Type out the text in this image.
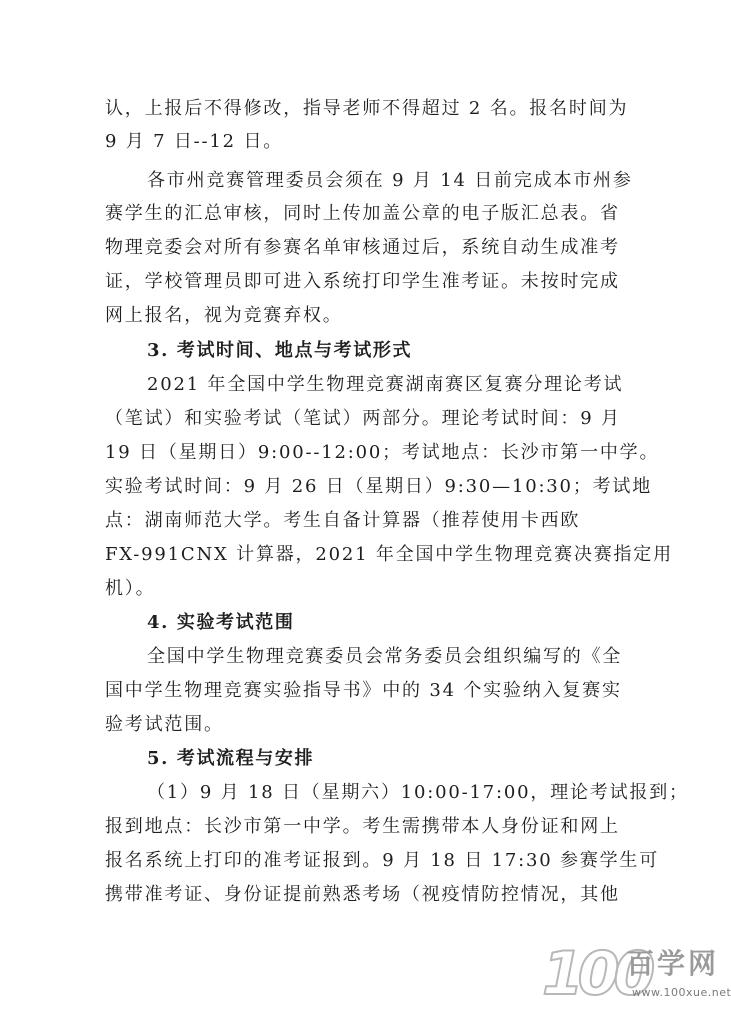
认，上报后不得修改，指导老师不得超过 2 名。报名时间为
9 月 7 日--12 日。
各市州竞赛管理委员会须在 9 月 14 日前完成本市州参
赛学生的汇总审核，同时上传加盖公章的电子版汇总表。省
物理竞委会对所有参赛名单审核通过后，系统自动生成准考
证，学校管理员即可进入系统打印学生准考证。未按时完成
网上报名，视为竞赛弃权。
3. 考试时间、地点与考试形式
2021 年全国中学生物理竞赛湖南赛区复赛分理论考试
（笔试）和实验考试（笔试）两部分。理论考试时间：9 月
19 日（星期日）9:00--12:00；考试地点：长沙市第一中学。
实验考试时间：9 月 26 日（星期日）9:30—10:30；考试地
点：湖南师范大学。考生自备计算器（推荐使用卡西欧
FX-991CNX 计算器，2021 年全国中学生物理竞赛决赛指定用
机）。
4. 实验考试范围
全国中学生物理竞赛委员会常务委员会组织编写的《全
国中学生物理竞赛实验指导书》中的 34 个实验纳入复赛实
验考试范围。
5. 考试流程与安排
（1）9 月 18 日（星期六）10:00-17:00，理论考试报到；
报到地点：长沙市第一中学。考生需携带本人身份证和网上
报名系统上打印的准考证报到。9 月 18 日 17:30 参赛学生可
携带准考证、身份证提前熟悉考场（视疫情防控情况，其他
100
百学网
www.100xue.net
